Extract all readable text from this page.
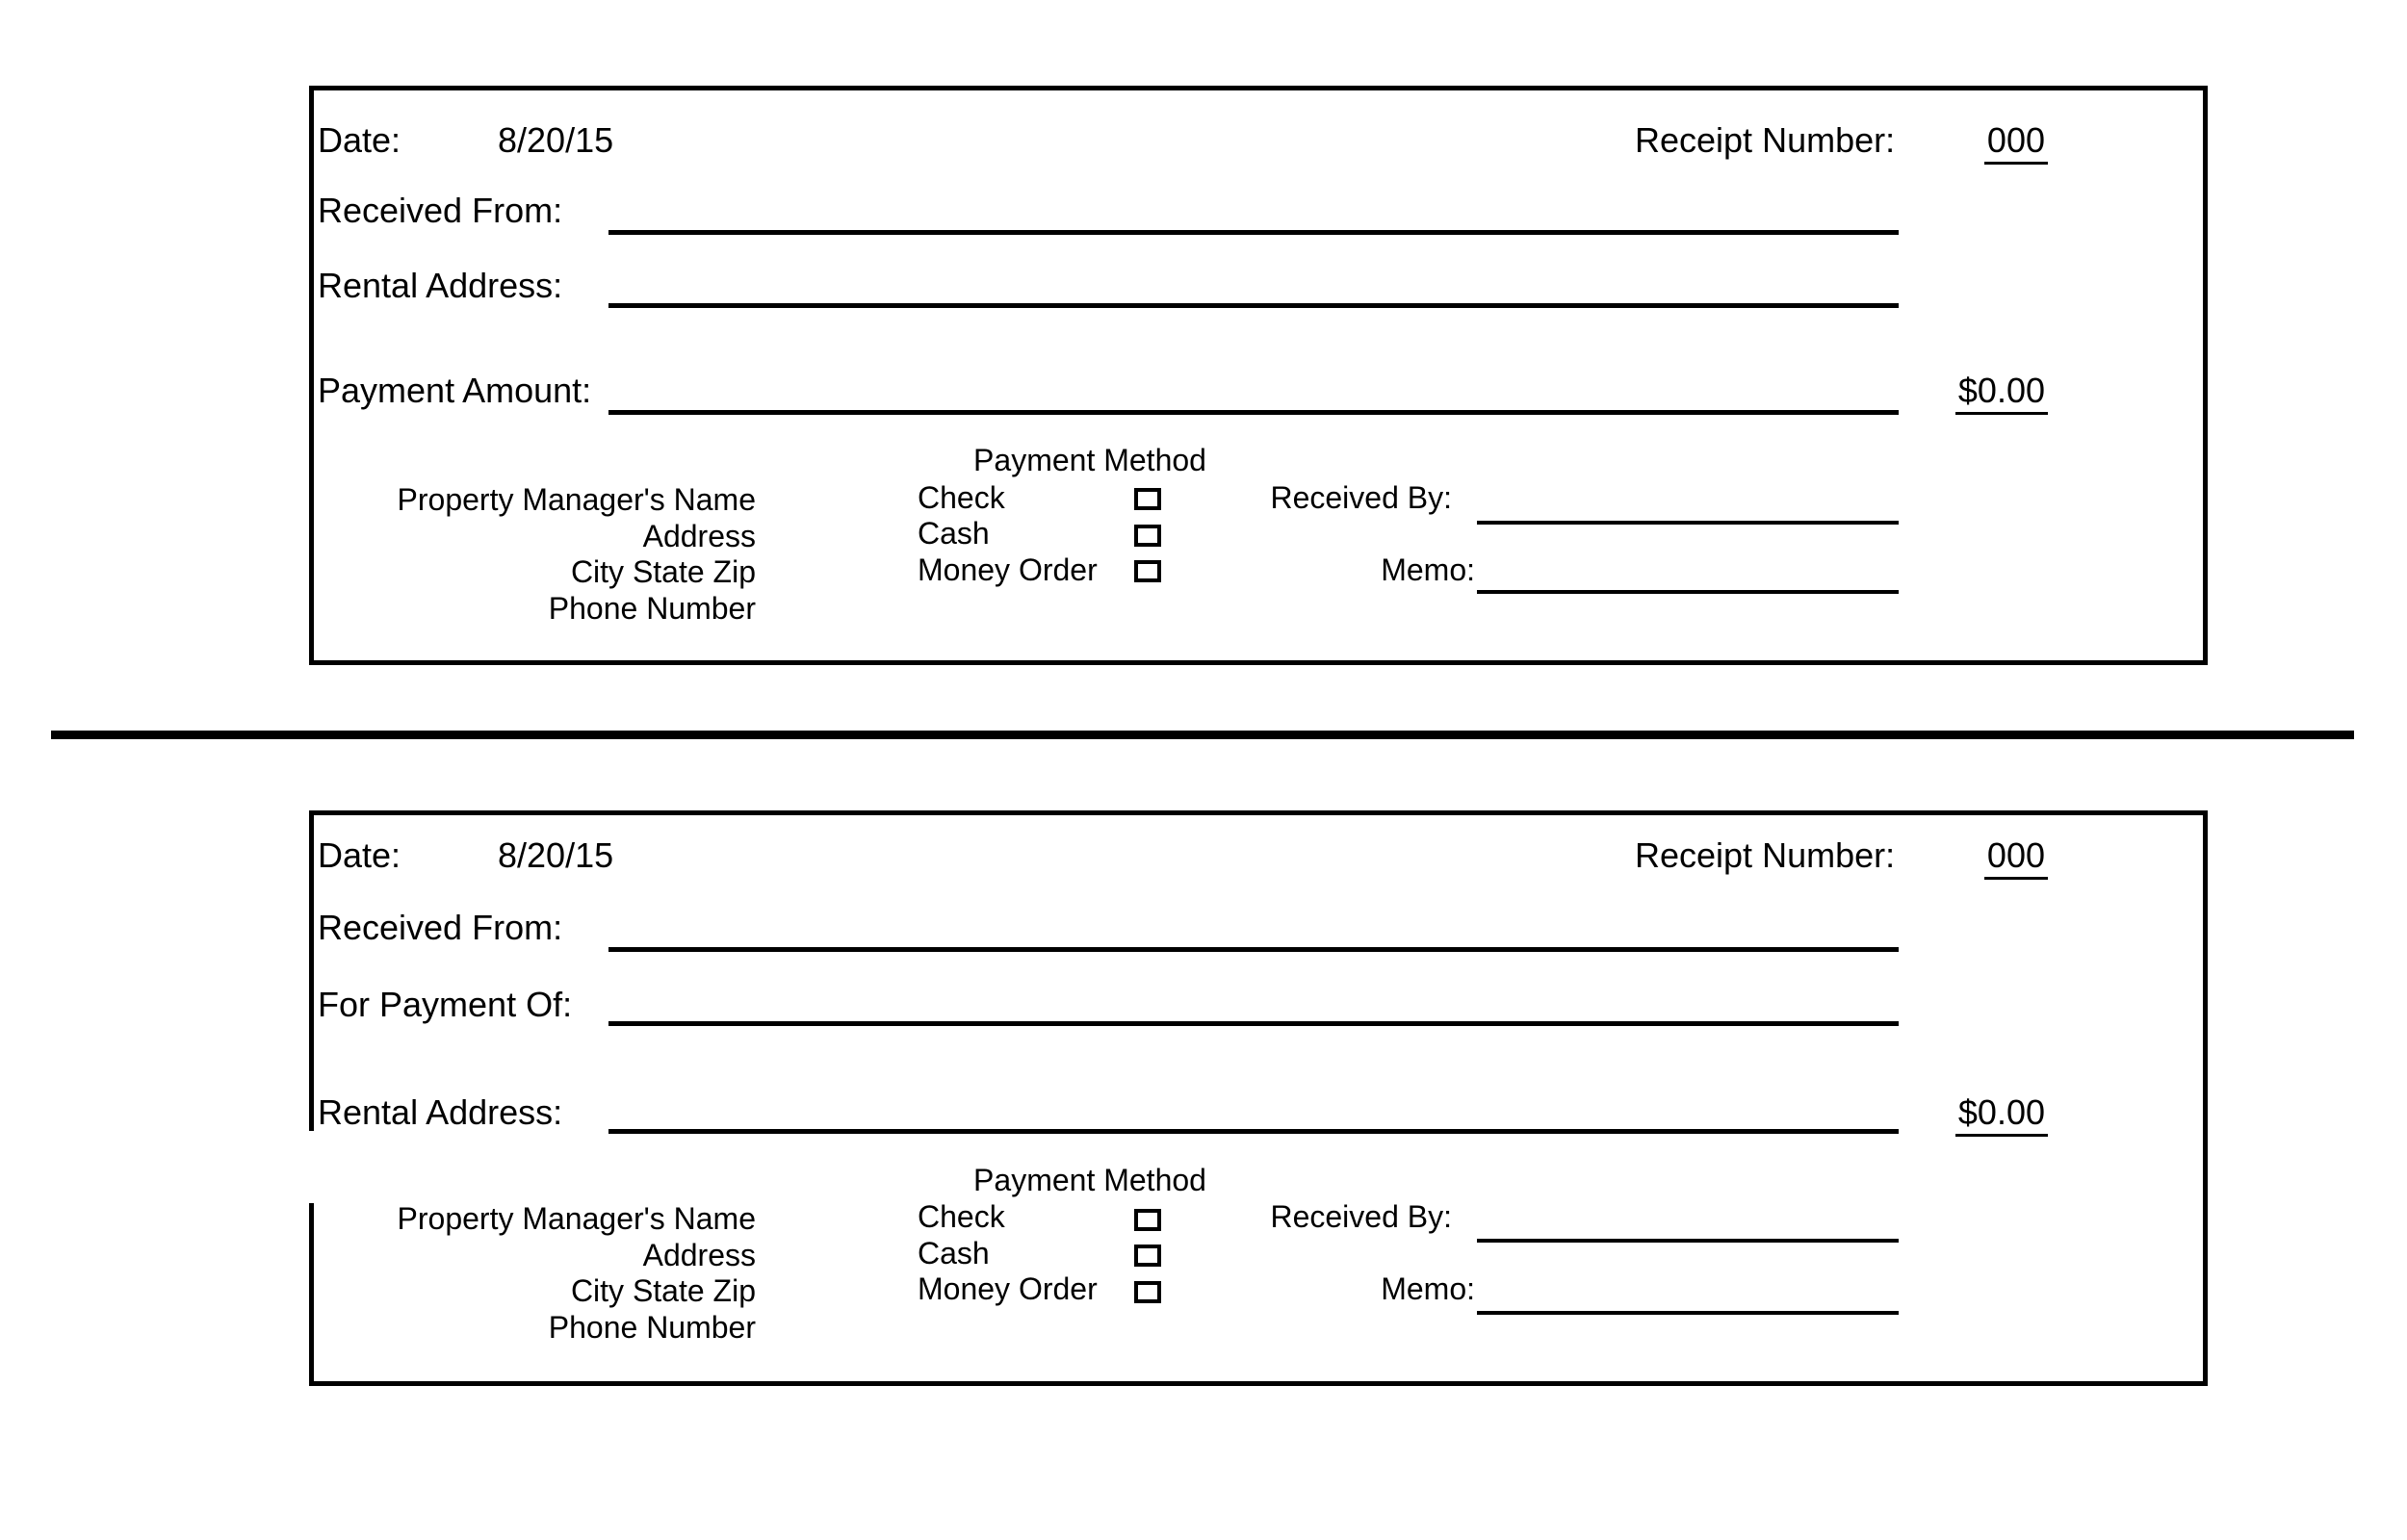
Date:	8/20/15	Receipt Number:	000
Received From:
Rental Address:
Payment Amount:	$0.00
Payment Method
Check
Cash
Money Order
Property Manager's Name
Address
City State Zip
Phone Number
Received By:
Memo:
Date:	8/20/15	Receipt Number:	000
Received From:
For Payment Of:
Rental Address:	$0.00
Payment Method
Check
Cash
Money Order
Property Manager's Name
Address
City State Zip
Phone Number
Received By:
Memo:
